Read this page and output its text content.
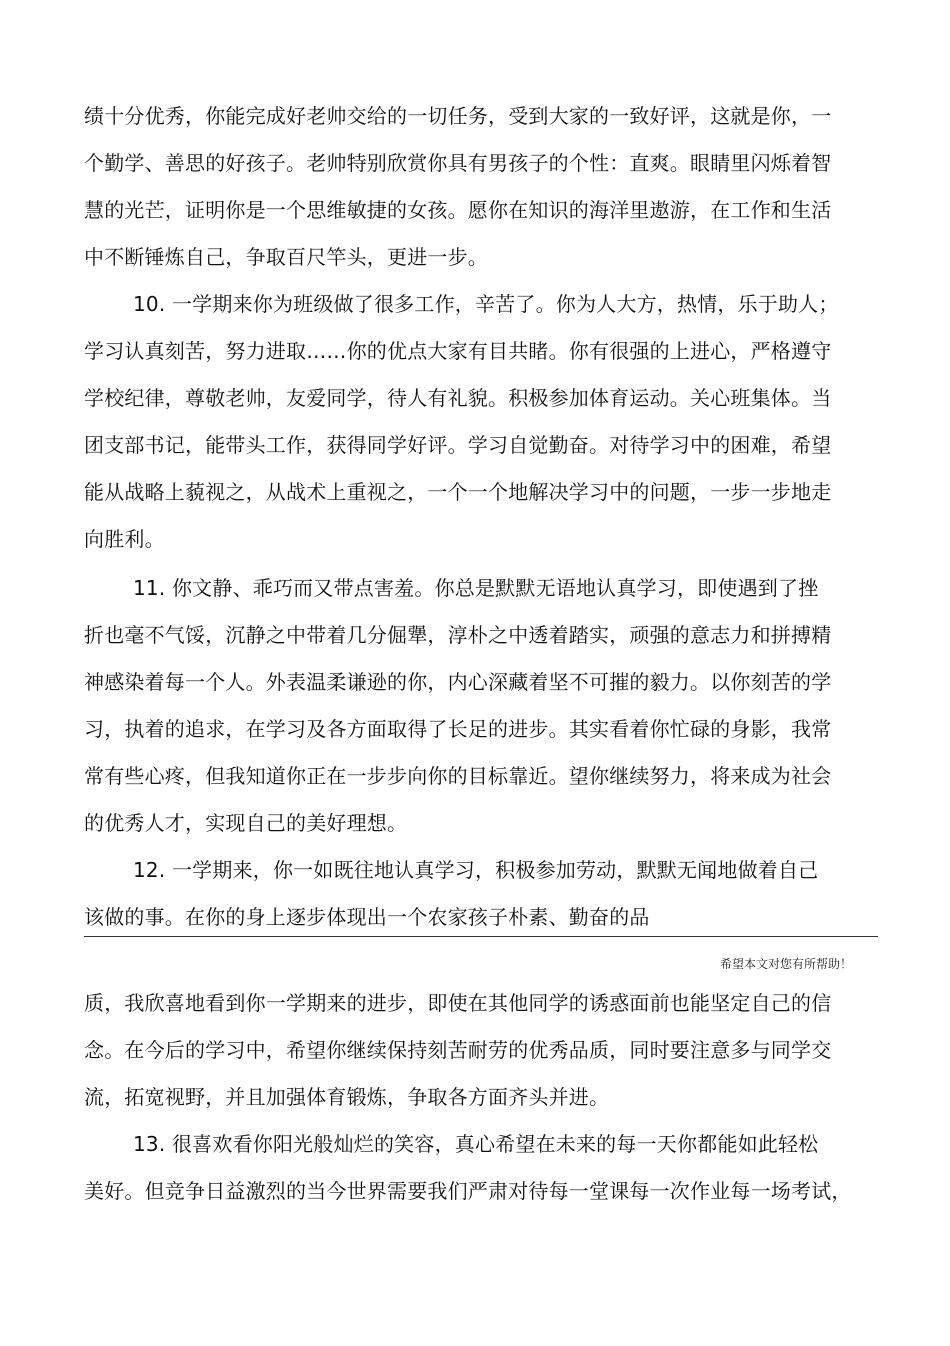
绩十分优秀，你能完成好老帅交给的一切任务，受到大家的一致好评，这就是你，一
个勤学、善思的好孩子。老帅特别欣赏你具有男孩子的个性：直爽。眼睛里闪烁着智
慧的光芒，证明你是一个思维敏捷的女孩。愿你在知识的海洋里遨游，在工作和生活
中不断锤炼自己，争取百尺竿头，更进一步。
10. 一学期来你为班级做了很多工作，辛苦了。你为人大方，热情，乐于助人；
学习认真刻苦，努力进取……你的优点大家有目共睹。你有很强的上进心，严格遵守
学校纪律，尊敬老帅，友爱同学，待人有礼貌。积极参加体育运动。关心班集体。当
团支部书记，能带头工作，获得同学好评。学习自觉勤奋。对待学习中的困难，希望
能从战略上藐视之，从战术上重视之，一个一个地解决学习中的问题，一步一步地走
向胜利。
11. 你文静、乖巧而又带点害羞。你总是默默无语地认真学习，即使遇到了挫
折也毫不气馁，沉静之中带着几分倔犟，淳朴之中透着踏实，顽强的意志力和拼搏精
神感染着每一个人。外表温柔谦逊的你，内心深藏着坚不可摧的毅力。以你刻苦的学
习，执着的追求，在学习及各方面取得了长足的进步。其实看着你忙碌的身影，我常
常有些心疼，但我知道你正在一步步向你的目标靠近。望你继续努力，将来成为社会
的优秀人才，实现自己的美好理想。
12. 一学期来，你一如既往地认真学习，积极参加劳动，默默无闻地做着自己
该做的事。在你的身上逐步体现出一个农家孩子朴素、勤奋的品
希望本文对您有所帮助！
质，我欣喜地看到你一学期来的进步，即使在其他同学的诱惑面前也能坚定自己的信
念。在今后的学习中，希望你继续保持刻苦耐劳的优秀品质，同时要注意多与同学交
流，拓宽视野，并且加强体育锻炼，争取各方面齐头并进。
13. 很喜欢看你阳光般灿烂的笑容，真心希望在未来的每一天你都能如此轻松
美好。但竞争日益激烈的当今世界需要我们严肃对待每一堂课每一次作业每一场考试，
